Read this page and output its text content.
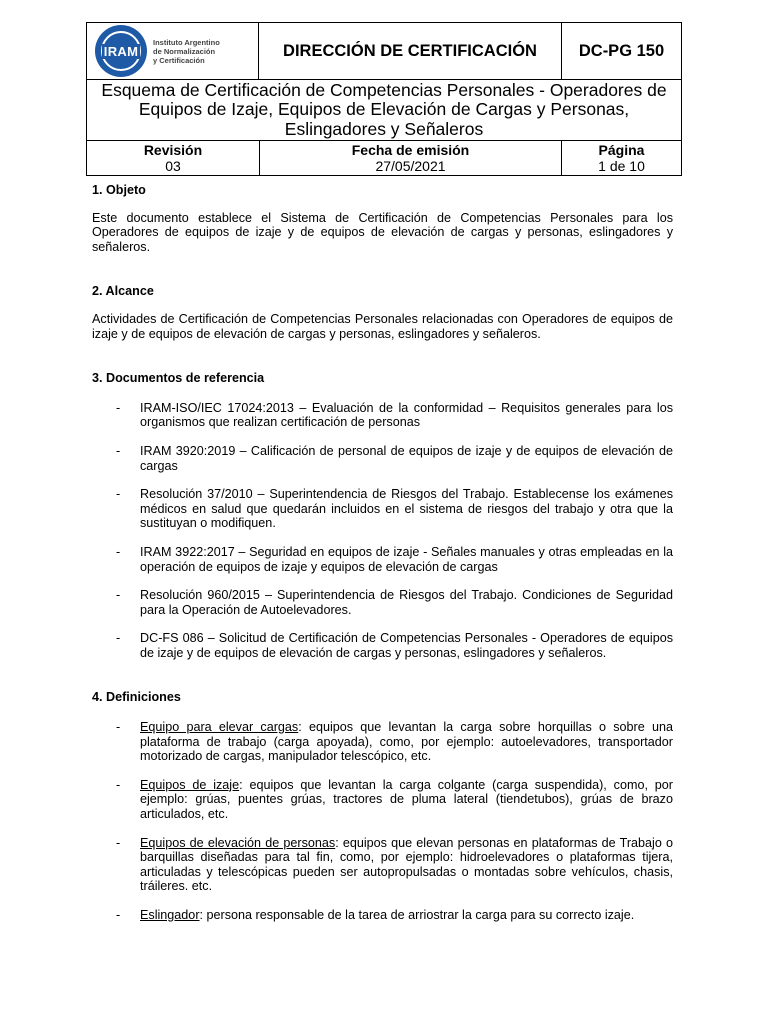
IRAM
Instituto Argentino
de Normalización
y Certificación
DIRECCIÓN DE CERTIFICACIÓN	DC-PG 150
Esquema de Certificación de Competencias Personales - Operadores de Equipos de Izaje, Equipos de Elevación de Cargas y Personas, Eslingadores y Señaleros
Revisión
03
Fecha de emisión
27/05/2021
Página
1 de 10

1. Objeto

Este documento establece el Sistema de Certificación de Competencias Personales para los Operadores de equipos de izaje y de equipos de elevación de cargas y personas, eslingadores y señaleros.

2. Alcance

Actividades de Certificación de Competencias Personales relacionadas con Operadores de equipos de izaje y de equipos de elevación de cargas y personas, eslingadores y señaleros.

3. Documentos de referencia

- IRAM-ISO/IEC 17024:2013 – Evaluación de la conformidad – Requisitos generales para los organismos que realizan certificación de personas
- IRAM 3920:2019 – Calificación de personal de equipos de izaje y de equipos de elevación de cargas
- Resolución 37/2010 – Superintendencia de Riesgos del Trabajo. Establecense los exámenes médicos en salud que quedarán incluidos en el sistema de riesgos del trabajo y otra que la sustituyan o modifiquen.
- IRAM 3922:2017 – Seguridad en equipos de izaje - Señales manuales y otras empleadas en la operación de equipos de izaje y equipos de elevación de cargas
- Resolución 960/2015 – Superintendencia de Riesgos del Trabajo. Condiciones de Seguridad para la Operación de Autoelevadores.
- DC-FS 086 – Solicitud de Certificación de Competencias Personales - Operadores de equipos de izaje y de equipos de elevación de cargas y personas, eslingadores y señaleros.

4. Definiciones

- Equipo para elevar cargas: equipos que levantan la carga sobre horquillas o sobre una plataforma de trabajo (carga apoyada), como, por ejemplo: autoelevadores, transportador motorizado de cargas, manipulador telescópico, etc.
- Equipos de izaje: equipos que levantan la carga colgante (carga suspendida), como, por ejemplo: grúas, puentes grúas, tractores de pluma lateral (tiendetubos), grúas de brazo articulados, etc.
- Equipos de elevación de personas: equipos que elevan personas en plataformas de Trabajo o barquillas diseñadas para tal fin, como, por ejemplo: hidroelevadores o plataformas tijera, articuladas y telescópicas pueden ser autopropulsadas o montadas sobre vehículos, chasis, tráileres. etc.
- Eslingador: persona responsable de la tarea de arriostrar la carga para su correcto izaje.
